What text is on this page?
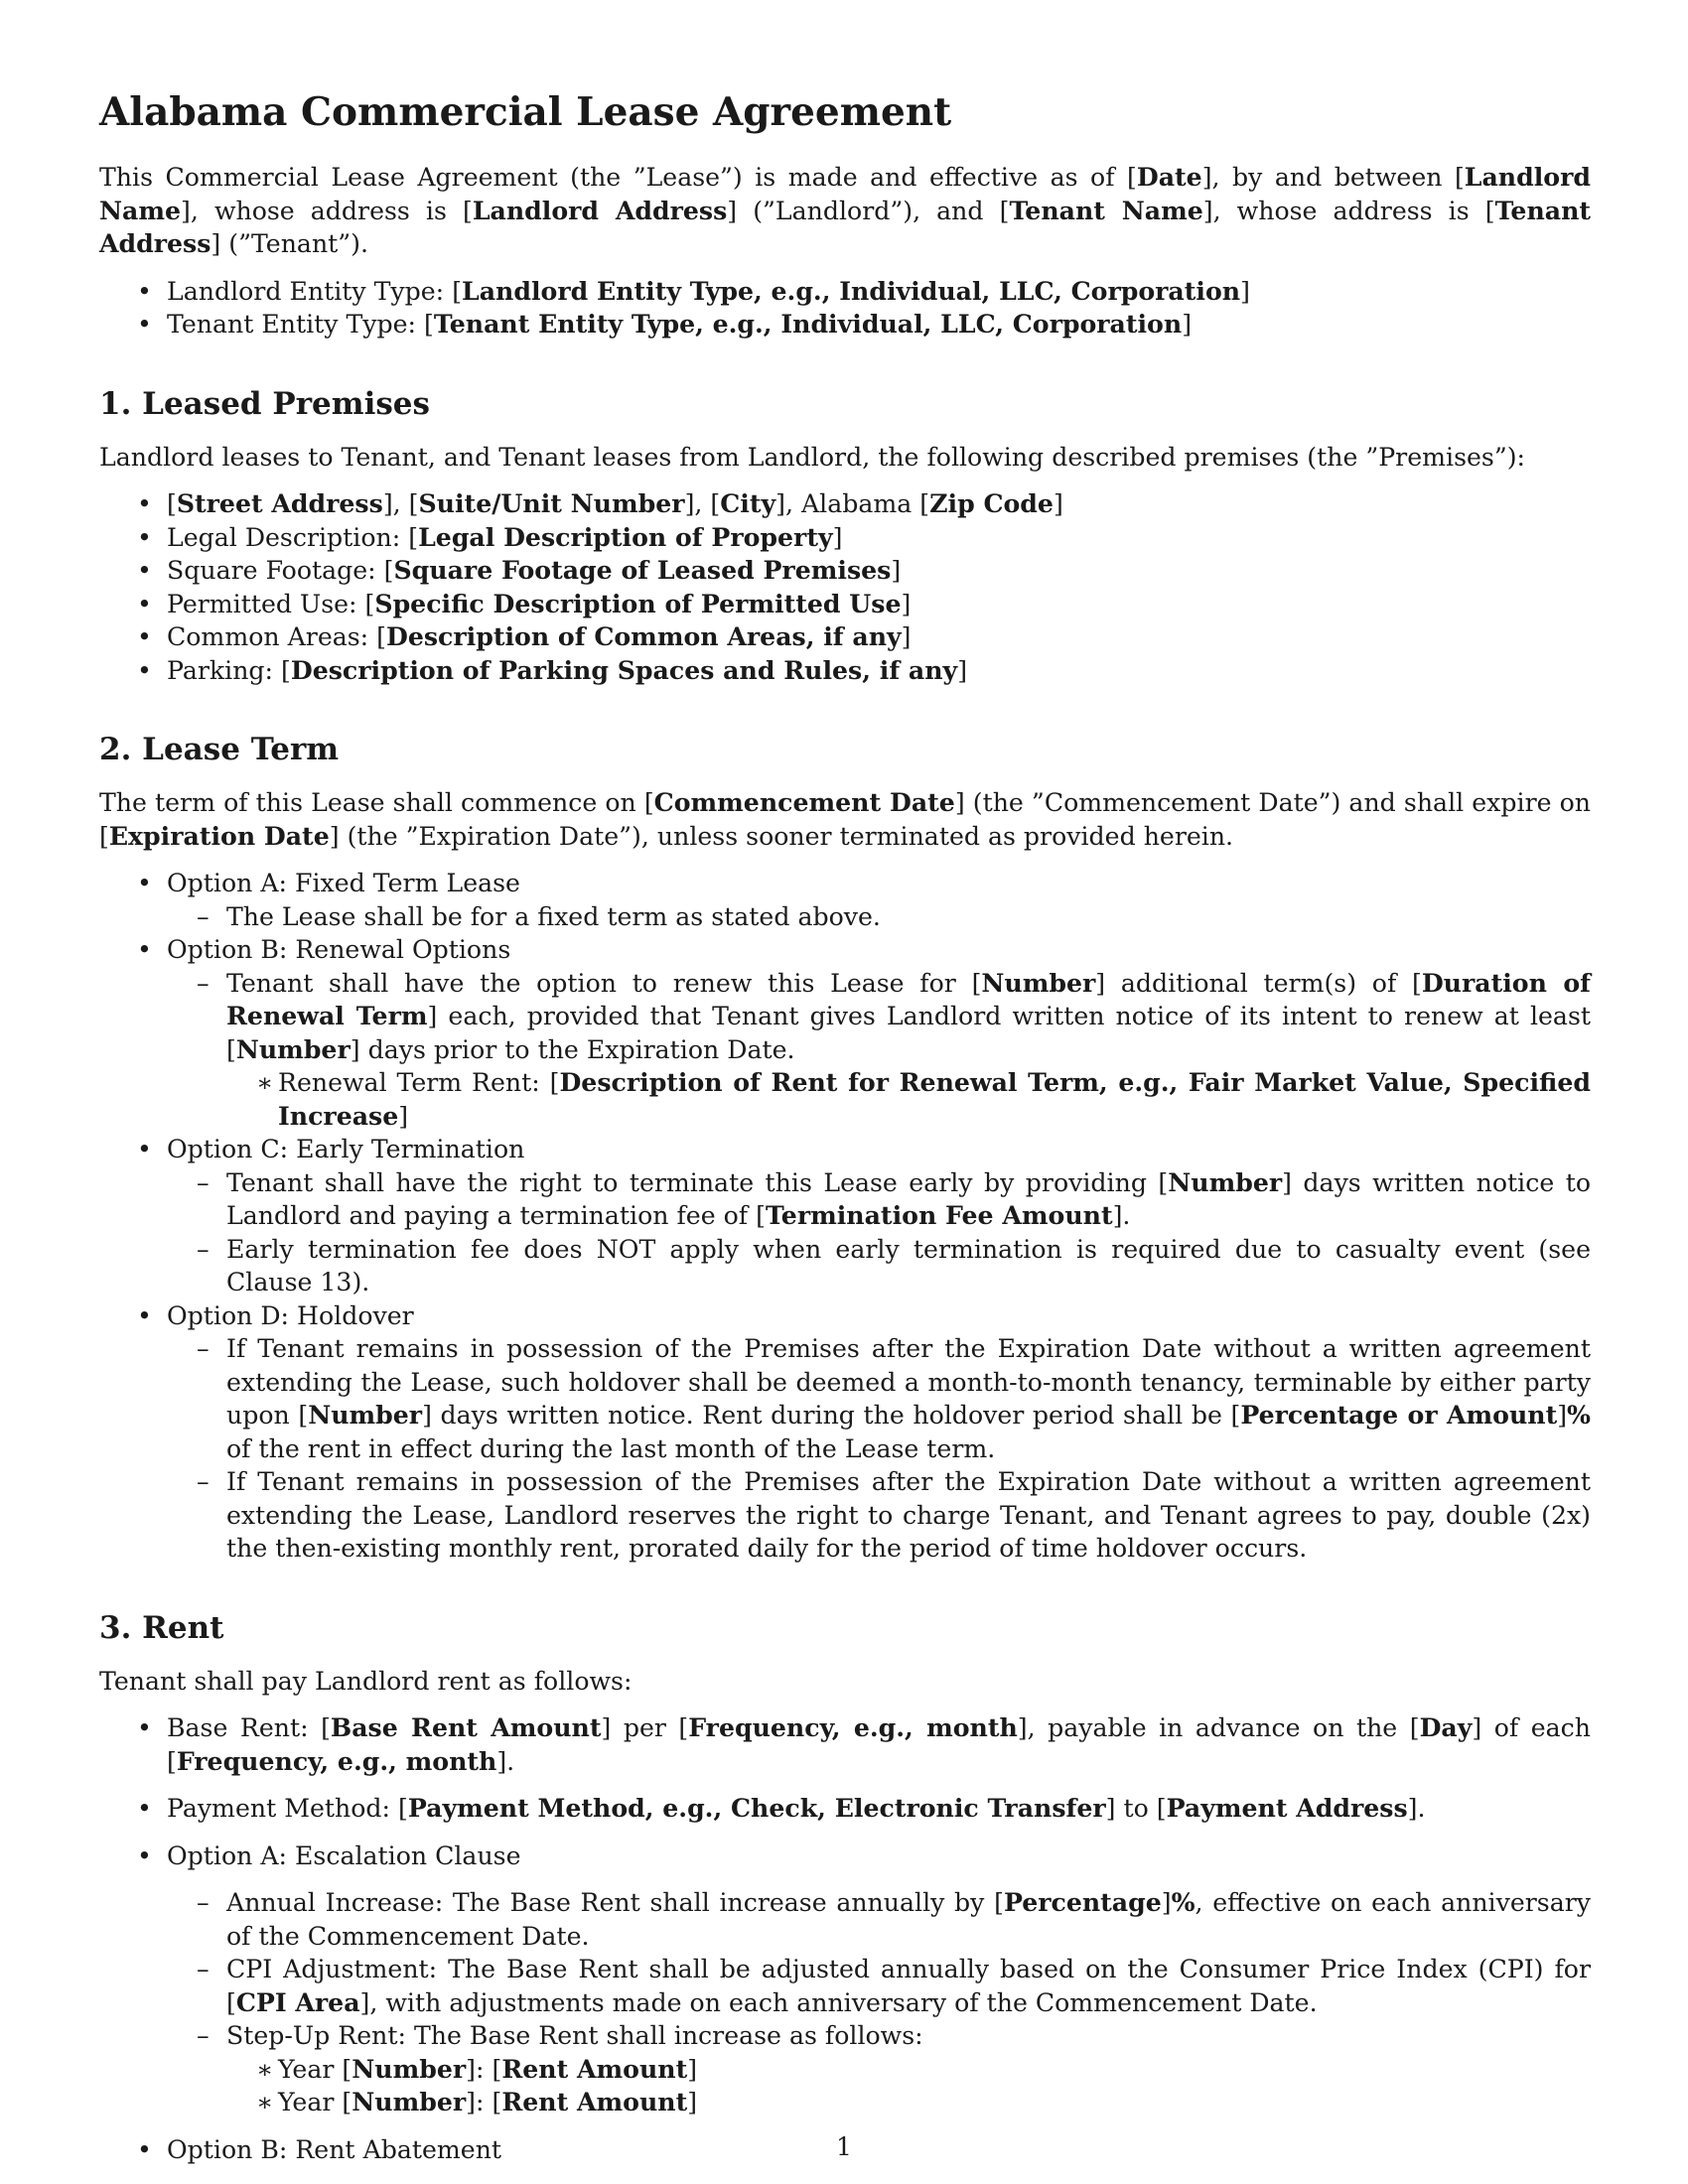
Alabama Commercial Lease Agreement

This Commercial Lease Agreement (the ”Lease”) is made and effective as of [Date], by and between [Landlord Name], whose address is [Landlord Address] (”Landlord”), and [Tenant Name], whose address is [Tenant Address] (”Tenant”).

• Landlord Entity Type: [Landlord Entity Type, e.g., Individual, LLC, Corporation]
• Tenant Entity Type: [Tenant Entity Type, e.g., Individual, LLC, Corporation]
1. Leased Premises

Landlord leases to Tenant, and Tenant leases from Landlord, the following described premises (the ”Premises”):

• [Street Address], [Suite/Unit Number], [City], Alabama [Zip Code]
• Legal Description: [Legal Description of Property]
• Square Footage: [Square Footage of Leased Premises]
• Permitted Use: [Specific Description of Permitted Use]
• Common Areas: [Description of Common Areas, if any]
• Parking: [Description of Parking Spaces and Rules, if any]
2. Lease Term

The term of this Lease shall commence on [Commencement Date] (the ”Commencement Date”) and shall expire on [Expiration Date] (the ”Expiration Date”), unless sooner terminated as provided herein.

• Option A: Fixed Term Lease
– The Lease shall be for a fixed term as stated above.
• Option B: Renewal Options
– Tenant shall have the option to renew this Lease for [Number] additional term(s) of [Duration of Renewal Term] each, provided that Tenant gives Landlord written notice of its intent to renew at least [Number] days prior to the Expiration Date.
∗ Renewal Term Rent: [Description of Rent for Renewal Term, e.g., Fair Market Value, Specified Increase]
• Option C: Early Termination
– Tenant shall have the right to terminate this Lease early by providing [Number] days written notice to Landlord and paying a termination fee of [Termination Fee Amount].
– Early termination fee does NOT apply when early termination is required due to casualty event (see Clause 13).
• Option D: Holdover
– If Tenant remains in possession of the Premises after the Expiration Date without a written agreement extending the Lease, such holdover shall be deemed a month-to-month tenancy, terminable by either party upon [Number] days written notice. Rent during the holdover period shall be [Percentage or Amount]% of the rent in effect during the last month of the Lease term.
– If Tenant remains in possession of the Premises after the Expiration Date without a written agreement extending the Lease, Landlord reserves the right to charge Tenant, and Tenant agrees to pay, double (2x) the then-existing monthly rent, prorated daily for the period of time holdover occurs.
3. Rent

Tenant shall pay Landlord rent as follows:

• Base Rent: [Base Rent Amount] per [Frequency, e.g., month], payable in advance on the [Day] of each [Frequency, e.g., month].
• Payment Method: [Payment Method, e.g., Check, Electronic Transfer] to [Payment Address].
• Option A: Escalation Clause
– Annual Increase: The Base Rent shall increase annually by [Percentage]%, effective on each anniversary of the Commencement Date.
– CPI Adjustment: The Base Rent shall be adjusted annually based on the Consumer Price Index (CPI) for [CPI Area], with adjustments made on each anniversary of the Commencement Date.
– Step-Up Rent: The Base Rent shall increase as follows:
∗ Year [Number]: [Rent Amount]
∗ Year [Number]: [Rent Amount]
• Option B: Rent Abatement	1
